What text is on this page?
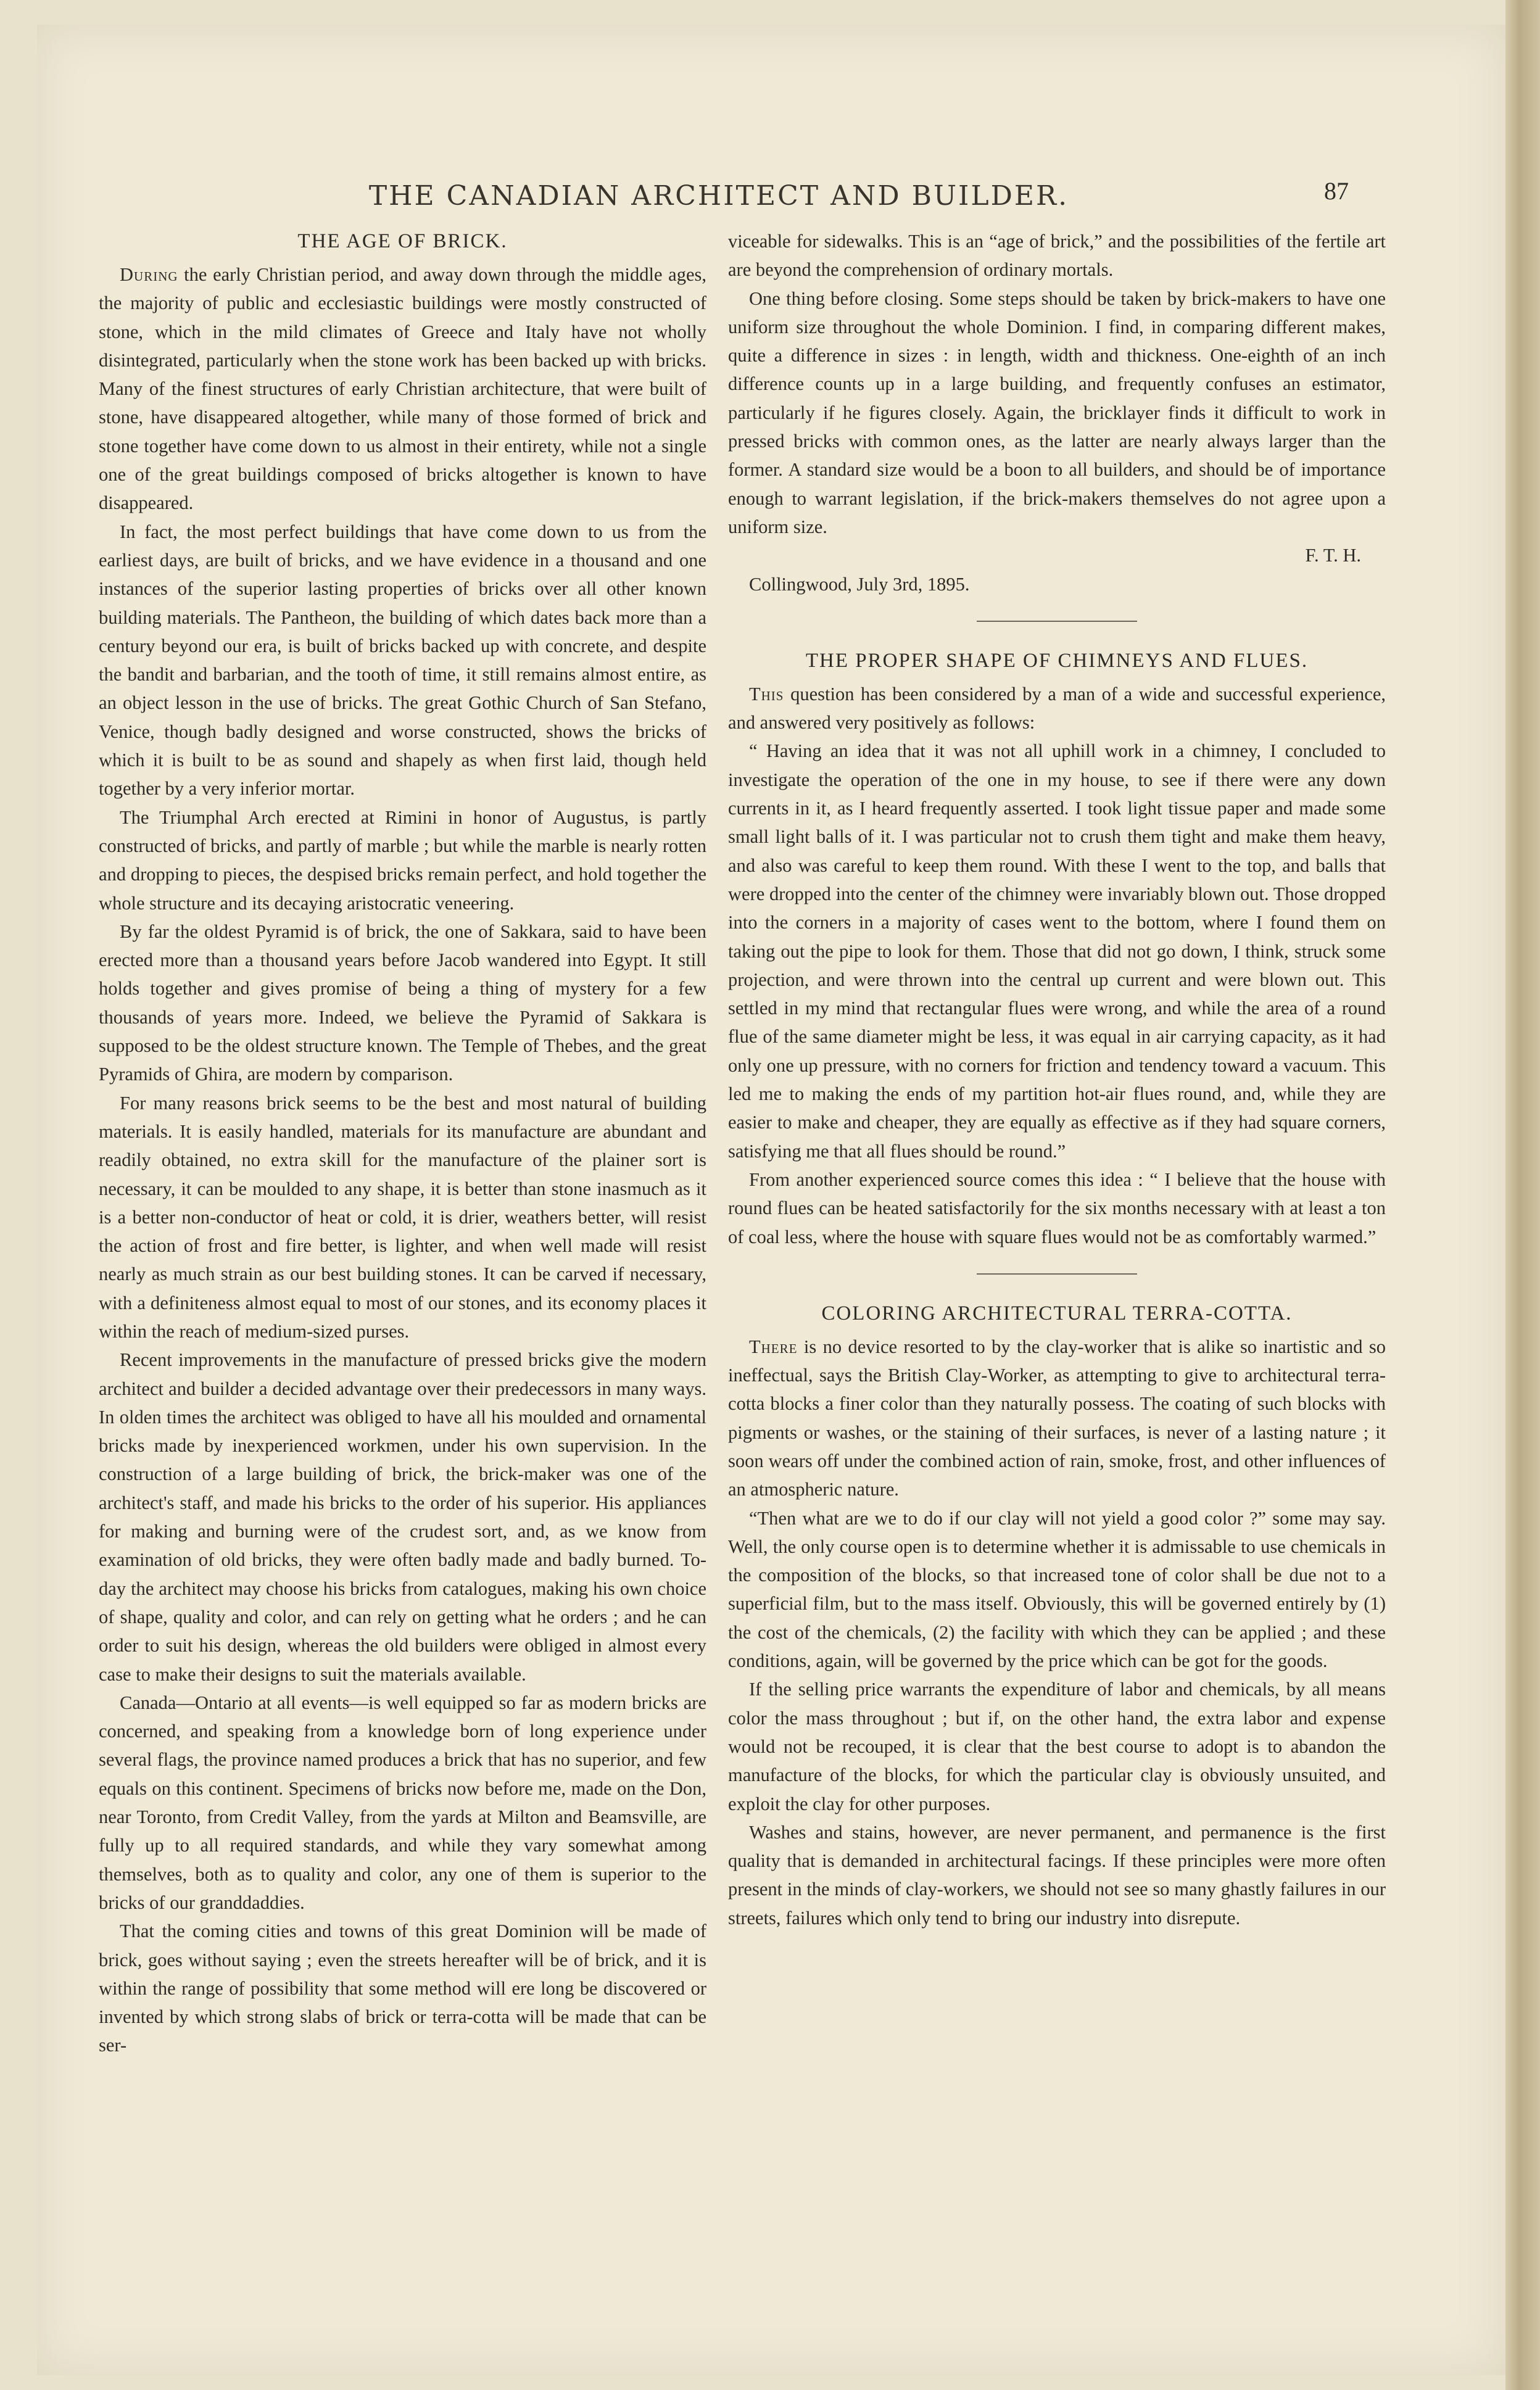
THE CANADIAN ARCHITECT AND BUILDER.	87
THE AGE OF BRICK.

During the early Christian period, and away down through the middle ages, the majority of public and ecclesiastic buildings were mostly constructed of stone, which in the mild climates of Greece and Italy have not wholly disintegrated, particularly when the stone work has been backed up with bricks. Many of the finest structures of early Christian architecture, that were built of stone, have disappeared altogether, while many of those formed of brick and stone together have come down to us almost in their entirety, while not a single one of the great buildings composed of bricks altogether is known to have disappeared.

In fact, the most perfect buildings that have come down to us from the earliest days, are built of bricks, and we have evidence in a thousand and one instances of the superior lasting properties of bricks over all other known building materials. The Pantheon, the building of which dates back more than a century beyond our era, is built of bricks backed up with concrete, and despite the bandit and barbarian, and the tooth of time, it still remains almost entire, as an object lesson in the use of bricks. The great Gothic Church of San Stefano, Venice, though badly designed and worse constructed, shows the bricks of which it is built to be as sound and shapely as when first laid, though held together by a very inferior mortar.

The Triumphal Arch erected at Rimini in honor of Augustus, is partly constructed of bricks, and partly of marble ; but while the marble is nearly rotten and dropping to pieces, the despised bricks remain perfect, and hold together the whole structure and its decaying aristocratic veneering.

By far the oldest Pyramid is of brick, the one of Sakkara, said to have been erected more than a thousand years before Jacob wandered into Egypt. It still holds together and gives promise of being a thing of mystery for a few thousands of years more. Indeed, we believe the Pyramid of Sakkara is supposed to be the oldest structure known. The Temple of Thebes, and the great Pyramids of Ghira, are modern by comparison.

For many reasons brick seems to be the best and most natural of building materials. It is easily handled, materials for its manufacture are abundant and readily obtained, no extra skill for the manufacture of the plainer sort is necessary, it can be moulded to any shape, it is better than stone inasmuch as it is a better non-conductor of heat or cold, it is drier, weathers better, will resist the action of frost and fire better, is lighter, and when well made will resist nearly as much strain as our best building stones. It can be carved if necessary, with a definiteness almost equal to most of our stones, and its economy places it within the reach of medium-sized purses.

Recent improvements in the manufacture of pressed bricks give the modern architect and builder a decided advantage over their predecessors in many ways. In olden times the architect was obliged to have all his moulded and ornamental bricks made by inexperienced workmen, under his own supervision. In the construction of a large building of brick, the brick-maker was one of the architect's staff, and made his bricks to the order of his superior. His appliances for making and burning were of the crudest sort, and, as we know from examination of old bricks, they were often badly made and badly burned. To-day the architect may choose his bricks from catalogues, making his own choice of shape, quality and color, and can rely on getting what he orders ; and he can order to suit his design, whereas the old builders were obliged in almost every case to make their designs to suit the materials available.

Canada—Ontario at all events—is well equipped so far as modern bricks are concerned, and speaking from a knowledge born of long experience under several flags, the province named produces a brick that has no superior, and few equals on this continent. Specimens of bricks now before me, made on the Don, near Toronto, from Credit Valley, from the yards at Milton and Beamsville, are fully up to all required standards, and while they vary somewhat among themselves, both as to quality and color, any one of them is superior to the bricks of our granddaddies.

That the coming cities and towns of this great Dominion will be made of brick, goes without saying ; even the streets hereafter will be of brick, and it is within the range of possibility that some method will ere long be discovered or invented by which strong slabs of brick or terra-cotta will be made that can be ser-

viceable for sidewalks. This is an “age of brick,” and the possibilities of the fertile art are beyond the comprehension of ordinary mortals.

One thing before closing. Some steps should be taken by brick-makers to have one uniform size throughout the whole Dominion. I find, in comparing different makes, quite a difference in sizes : in length, width and thickness. One-eighth of an inch difference counts up in a large building, and frequently confuses an estimator, particularly if he figures closely. Again, the bricklayer finds it difficult to work in pressed bricks with common ones, as the latter are nearly always larger than the former. A standard size would be a boon to all builders, and should be of importance enough to warrant legislation, if the brick-makers themselves do not agree upon a uniform size.

F. T. H.

Collingwood, July 3rd, 1895.

THE PROPER SHAPE OF CHIMNEYS AND FLUES.

This question has been considered by a man of a wide and successful experience, and answered very positively as follows:

“ Having an idea that it was not all uphill work in a chimney, I concluded to investigate the operation of the one in my house, to see if there were any down currents in it, as I heard frequently asserted. I took light tissue paper and made some small light balls of it. I was particular not to crush them tight and make them heavy, and also was careful to keep them round. With these I went to the top, and balls that were dropped into the center of the chimney were invariably blown out. Those dropped into the corners in a majority of cases went to the bottom, where I found them on taking out the pipe to look for them. Those that did not go down, I think, struck some projection, and were thrown into the central up current and were blown out. This settled in my mind that rectangular flues were wrong, and while the area of a round flue of the same diameter might be less, it was equal in air carrying capacity, as it had only one up pressure, with no corners for friction and tendency toward a vacuum. This led me to making the ends of my partition hot-air flues round, and, while they are easier to make and cheaper, they are equally as effective as if they had square corners, satisfying me that all flues should be round.”

From another experienced source comes this idea : “ I believe that the house with round flues can be heated satisfactorily for the six months necessary with at least a ton of coal less, where the house with square flues would not be as comfortably warmed.”

COLORING ARCHITECTURAL TERRA-COTTA.

There is no device resorted to by the clay-worker that is alike so inartistic and so ineffectual, says the British Clay-Worker, as attempting to give to architectural terra-cotta blocks a finer color than they naturally possess. The coating of such blocks with pigments or washes, or the staining of their surfaces, is never of a lasting nature ; it soon wears off under the combined action of rain, smoke, frost, and other influences of an atmospheric nature.

“Then what are we to do if our clay will not yield a good color ?” some may say. Well, the only course open is to determine whether it is admissable to use chemicals in the composition of the blocks, so that increased tone of color shall be due not to a superficial film, but to the mass itself. Obviously, this will be governed entirely by (1) the cost of the chemicals, (2) the facility with which they can be applied ; and these conditions, again, will be governed by the price which can be got for the goods.

If the selling price warrants the expenditure of labor and chemicals, by all means color the mass throughout ; but if, on the other hand, the extra labor and expense would not be recouped, it is clear that the best course to adopt is to abandon the manufacture of the blocks, for which the particular clay is obviously unsuited, and exploit the clay for other purposes.

Washes and stains, however, are never permanent, and permanence is the first quality that is demanded in architectural facings. If these principles were more often present in the minds of clay-workers, we should not see so many ghastly failures in our streets, failures which only tend to bring our industry into disrepute.
